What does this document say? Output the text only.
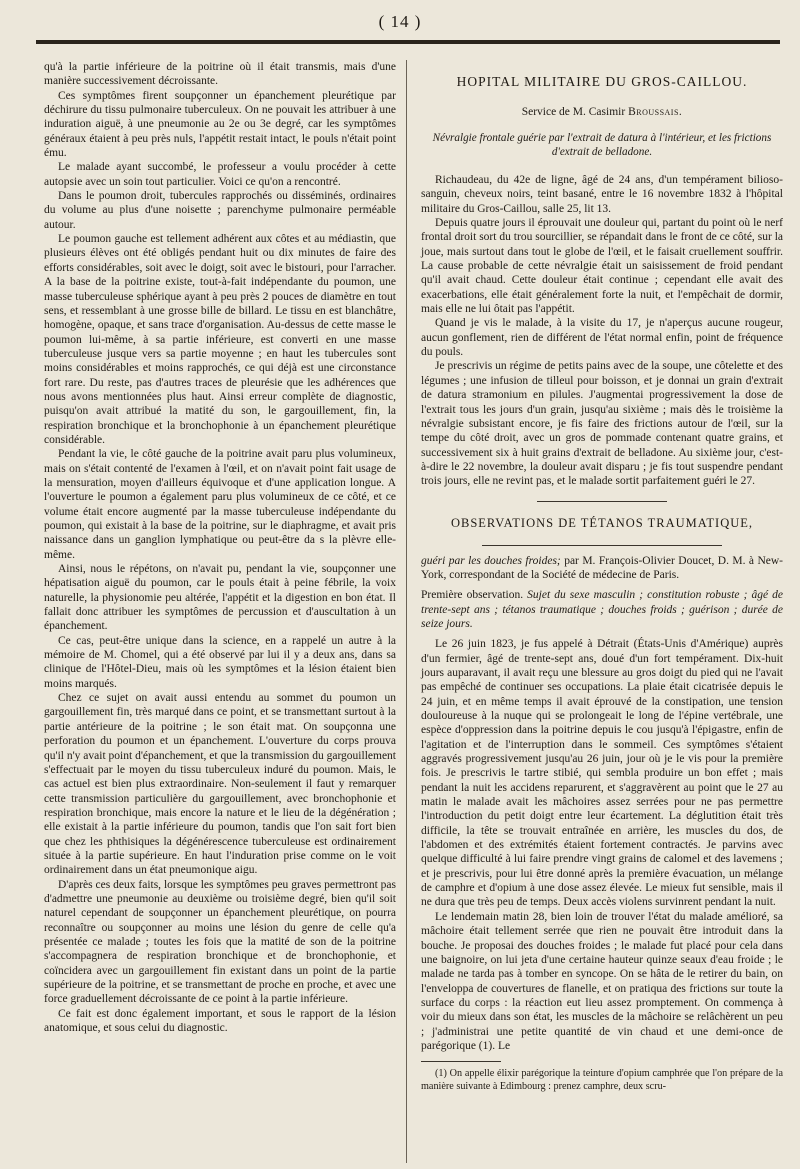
( 14 )

qu'à la partie inférieure de la poitrine où il était transmis, mais d'une manière successivement décroissante.

Ces symptômes firent soupçonner un épanchement pleurétique par déchirure du tissu pulmonaire tuberculeux. On ne pouvait les attribuer à une induration aiguë, à une pneumonie au 2e ou 3e degré, car les symptômes généraux étaient à peu près nuls, l'appétit restait intact, le pouls n'était point ému.

Le malade ayant succombé, le professeur a voulu procéder à cette autopsie avec un soin tout particulier. Voici ce qu'on a rencontré.

Dans le poumon droit, tubercules rapprochés ou disséminés, ordinaires du volume au plus d'une noisette ; parenchyme pulmonaire perméable autour.

Le poumon gauche est tellement adhérent aux côtes et au médiastin, que plusieurs élèves ont été obligés pendant huit ou dix minutes de faire des efforts considérables, soit avec le doigt, soit avec le bistouri, pour l'arracher. A la base de la poitrine existe, tout-à-fait indépendante du poumon, une masse tuberculeuse sphérique ayant à peu près 2 pouces de diamètre en tout sens, et ressemblant à une grosse bille de billard. Le tissu en est blanchâtre, homogène, opaque, et sans trace d'organisation. Au-dessus de cette masse le poumon lui-même, à sa partie inférieure, est converti en une masse tuberculeuse jusque vers sa partie moyenne ; en haut les tubercules sont moins considérables et moins rapprochés, ce qui déjà est une circonstance fort rare. Du reste, pas d'autres traces de pleurésie que les adhérences que nous avons mentionnées plus haut. Ainsi erreur complète de diagnostic, puisqu'on avait attribué la matité du son, le gargouillement, fin, la respiration bronchique et la bronchophonie à un épanchement pleurétique considérable.

Pendant la vie, le côté gauche de la poitrine avait paru plus volumineux, mais on s'était contenté de l'examen à l'œil, et on n'avait point fait usage de la mensuration, moyen d'ailleurs équivoque et d'une application longue. A l'ouverture le poumon a également paru plus volumineux de ce côté, et ce volume était encore augmenté par la masse tuberculeuse indépendante du poumon, qui existait à la base de la poitrine, sur le diaphragme, et avait pris naissance dans un ganglion lymphatique ou peut-être da s la plèvre elle-même.

Ainsi, nous le répétons, on n'avait pu, pendant la vie, soupçonner une hépatisation aiguë du poumon, car le pouls était à peine fébrile, la voix naturelle, la physionomie peu altérée, l'appétit et la digestion en bon état. Il fallait donc attribuer les symptômes de percussion et d'auscultation à un épanchement.

Ce cas, peut-être unique dans la science, en a rappelé un autre à la mémoire de M. Chomel, qui a été observé par lui il y a deux ans, dans sa clinique de l'Hôtel-Dieu, mais où les symptômes et la lésion étaient bien moins marqués.

Chez ce sujet on avait aussi entendu au sommet du poumon un gargouillement fin, très marqué dans ce point, et se transmettant surtout à la partie antérieure de la poitrine ; le son était mat. On soupçonna une perforation du poumon et un épanchement. L'ouverture du corps prouva qu'il n'y avait point d'épanchement, et que la transmission du gargouillement s'effectuait par le moyen du tissu tuberculeux induré du poumon. Mais, le cas actuel est bien plus extraordinaire. Non-seulement il faut y remarquer cette transmission particulière du gargouillement, avec bronchophonie et respiration bronchique, mais encore la nature et le lieu de la dégénération ; elle existait à la partie inférieure du poumon, tandis que l'on sait fort bien que chez les phthisiques la dégénérescence tuberculeuse est ordinairement située à la partie supérieure. En haut l'induration prise comme on le voit ordinairement dans un état pneumonique aigu.

D'après ces deux faits, lorsque les symptômes peu graves permettront pas d'admettre une pneumonie au deuxième ou troisième degré, bien qu'il soit naturel cependant de soupçonner un épanchement pleurétique, on pourra reconnaître ou soupçonner au moins une lésion du genre de celle qu'a présentée ce malade ; toutes les fois que la matité de son de la poitrine s'accompagnera de respiration bronchique et de bronchophonie, et coïncidera avec un gargouillement fin existant dans un point de la partie supérieure de la poitrine, et se transmettant de proche en proche, et avec une force graduellement décroissante de ce point à la partie inférieure.

Ce fait est donc également important, et sous le rapport de la lésion anatomique, et sous celui du diagnostic.

HOPITAL MILITAIRE DU GROS-CAILLOU.
Service de M. Casimir Broussais.
Névralgie frontale guérie par l'extrait de datura à l'intérieur, et les frictions d'extrait de belladone.

Richaudeau, du 42e de ligne, âgé de 24 ans, d'un tempérament bilioso-sanguin, cheveux noirs, teint basané, entre le 16 novembre 1832 à l'hôpital militaire du Gros-Caillou, salle 25, lit 13.

Depuis quatre jours il éprouvait une douleur qui, partant du point où le nerf frontal droit sort du trou sourcillier, se répandait dans le front de ce côté, sur la joue, mais surtout dans tout le globe de l'œil, et le faisait cruellement souffrir. La cause probable de cette névralgie était un saisissement de froid pendant qu'il avait chaud. Cette douleur était continue ; cependant elle avait des exacerbations, elle était généralement forte la nuit, et l'empêchait de dormir, mais elle ne lui ôtait pas l'appétit.

Quand je vis le malade, à la visite du 17, je n'aperçus aucune rougeur, aucun gonflement, rien de différent de l'état normal enfin, point de fréquence du pouls.

Je prescrivis un régime de petits pains avec de la soupe, une côtelette et des légumes ; une infusion de tilleul pour boisson, et je donnai un grain d'extrait de datura stramonium en pilules. J'augmentai progressivement la dose de l'extrait tous les jours d'un grain, jusqu'au sixième ; mais dès le troisième la névralgie subsistant encore, je fis faire des frictions autour de l'œil, sur la tempe du côté droit, avec un gros de pommade contenant quatre grains, et successivement six à huit grains d'extrait de belladone. Au sixième jour, c'est-à-dire le 22 novembre, la douleur avait disparu ; je fis tout suspendre pendant trois jours, elle ne revint pas, et le malade sortit parfaitement guéri le 27.

OBSERVATIONS DE TÉTANOS TRAUMATIQUE,

guéri par les douches froides; par M. François-Olivier Doucet, D. M. à New-York, correspondant de la Société de médecine de Paris.

Première observation. Sujet du sexe masculin ; constitution robuste ; âgé de trente-sept ans ; tétanos traumatique ; douches froids ; guérison ; durée de seize jours.

Le 26 juin 1823, je fus appelé à Détrait (États-Unis d'Amérique) auprès d'un fermier, âgé de trente-sept ans, doué d'un fort tempérament. Dix-huit jours auparavant, il avait reçu une blessure au gros doigt du pied qui ne l'avait pas empêché de continuer ses occupations. La plaie était cicatrisée depuis le 24 juin, et en même temps il avait éprouvé de la constipation, une tension douloureuse à la nuque qui se prolongeait le long de l'épine vertébrale, une espèce d'oppression dans la poitrine depuis le cou jusqu'à l'épigastre, enfin de l'agitation et de l'interruption dans le sommeil. Ces symptômes s'étaient aggravés progressivement jusqu'au 26 juin, jour où je le vis pour la première fois. Je prescrivis le tartre stibié, qui sembla produire un bon effet ; mais pendant la nuit les accidens reparurent, et s'aggravèrent au point que le 27 au matin le malade avait les mâchoires assez serrées pour ne pas permettre l'introduction du petit doigt entre leur écartement. La déglutition était très difficile, la tête se trouvait entraînée en arrière, les muscles du dos, de l'abdomen et des extrémités étaient fortement contractés. Je parvins avec quelque difficulté à lui faire prendre vingt grains de calomel et des lavemens ; et je prescrivis, pour lui être donné après la première évacuation, un mélange de camphre et d'opium à une dose assez élevée. Le mieux fut sensible, mais il ne dura que très peu de temps. Deux accès violens survinrent pendant la nuit.

Le lendemain matin 28, bien loin de trouver l'état du malade amélioré, sa mâchoire était tellement serrée que rien ne pouvait être introduit dans la bouche. Je proposai des douches froides ; le malade fut placé pour cela dans une baignoire, on lui jeta d'une certaine hauteur quinze seaux d'eau froide ; le malade ne tarda pas à tomber en syncope. On se hâta de le retirer du bain, on l'enveloppa de couvertures de flanelle, et on pratiqua des frictions sur toute la surface du corps : la réaction eut lieu assez promptement. On commença à voir du mieux dans son état, les muscles de la mâchoire se relâchèrent un peu ; j'administrai une petite quantité de vin chaud et une demi-once de parégorique (1). Le

(1) On appelle élixir parégorique la teinture d'opium camphrée que l'on prépare de la manière suivante à Edimbourg : prenez camphre, deux scru-
